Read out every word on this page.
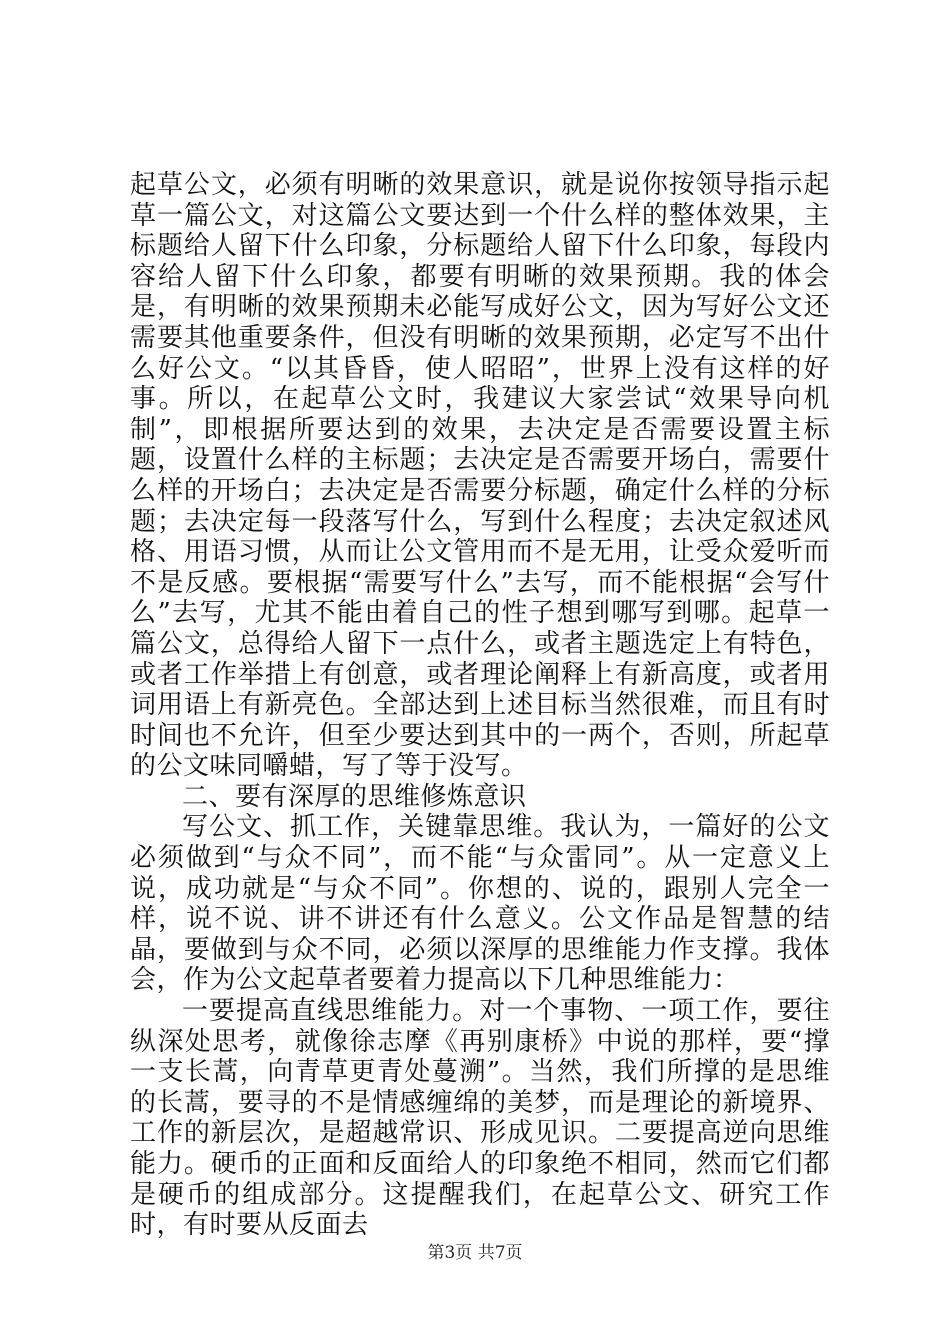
起草公文，必须有明晰的效果意识，就是说你按领导指示起草一篇公文，对这篇公文要达到一个什么样的整体效果，主标题给人留下什么印象，分标题给人留下什么印象，每段内容给人留下什么印象，都要有明晰的效果预期。我的体会是，有明晰的效果预期未必能写成好公文，因为写好公文还需要其他重要条件，但没有明晰的效果预期，必定写不出什么好公文。“以其昏昏，使人昭昭”，世界上没有这样的好事。所以，在起草公文时，我建议大家尝试“效果导向机制”，即根据所要达到的效果，去决定是否需要设置主标题，设置什么样的主标题；去决定是否需要开场白，需要什么样的开场白；去决定是否需要分标题，确定什么样的分标题；去决定每一段落写什么，写到什么程度；去决定叙述风格、用语习惯，从而让公文管用而不是无用，让受众爱听而不是反感。要根据“需要写什么”去写，而不能根据“会写什么”去写，尤其不能由着自己的性子想到哪写到哪。起草一篇公文，总得给人留下一点什么，或者主题选定上有特色，或者工作举措上有创意，或者理论阐释上有新高度，或者用词用语上有新亮色。全部达到上述目标当然很难，而且有时时间也不允许，但至少要达到其中的一两个，否则，所起草的公文味同嚼蜡，写了等于没写。

二、要有深厚的思维修炼意识

写公文、抓工作，关键靠思维。我认为，一篇好的公文必须做到“与众不同”，而不能“与众雷同”。从一定意义上说，成功就是“与众不同”。你想的、说的，跟别人完全一样，说不说、讲不讲还有什么意义。公文作品是智慧的结晶，要做到与众不同，必须以深厚的思维能力作支撑。我体会，作为公文起草者要着力提高以下几种思维能力：

一要提高直线思维能力。对一个事物、一项工作，要往纵深处思考，就像徐志摩《再别康桥》中说的那样，要“撑一支长蒿，向青草更青处蔓溯”。当然，我们所撑的是思维的长蒿，要寻的不是情感缠绵的美梦，而是理论的新境界、工作的新层次，是超越常识、形成见识。二要提高逆向思维能力。硬币的正面和反面给人的印象绝不相同，然而它们都是硬币的组成部分。这提醒我们，在起草公文、研究工作时，有时要从反面去

第3页 共7页
